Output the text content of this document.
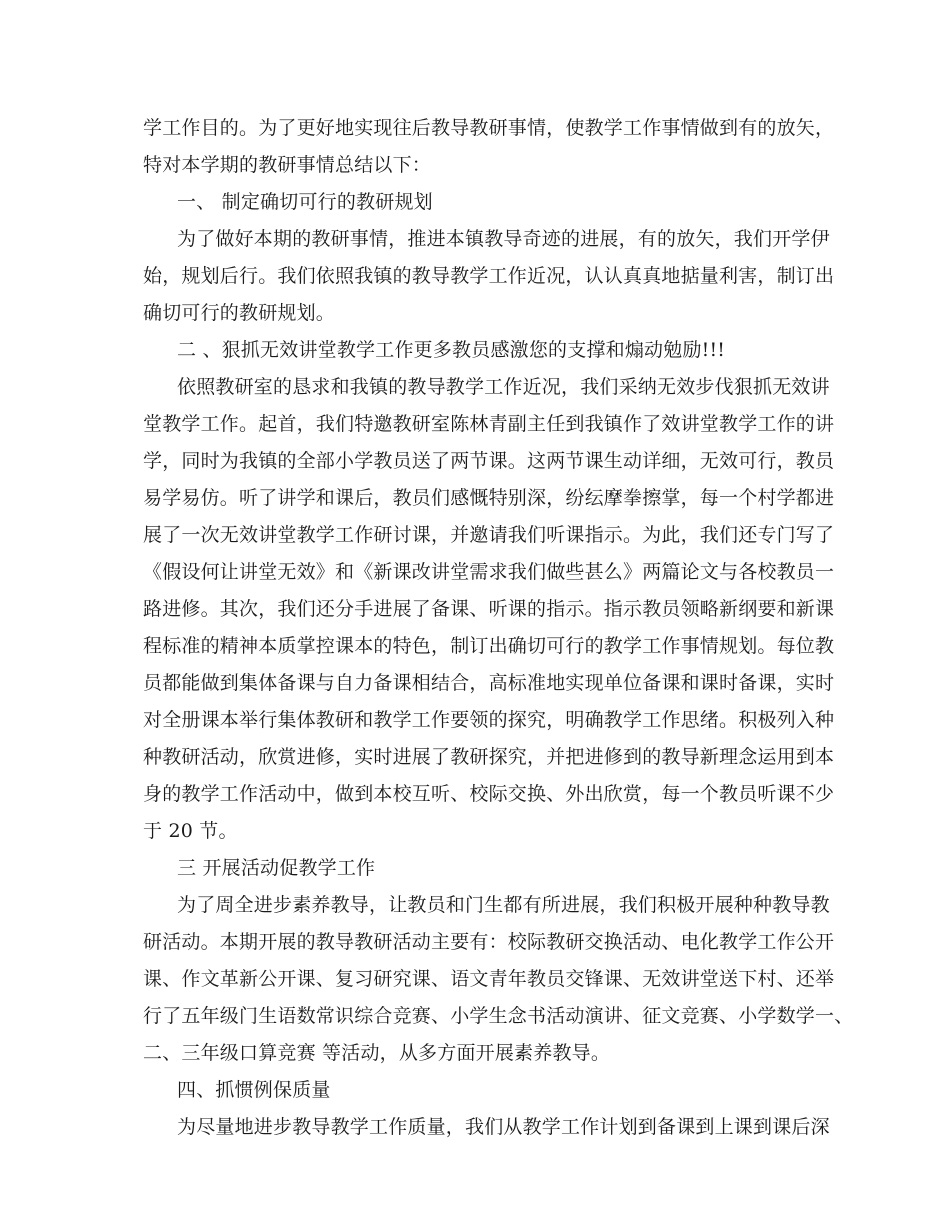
学工作目的。为了更好地实现往后教导教研事情，使教学工作事情做到有的放矢，
特对本学期的教研事情总结以下：
一、 制定确切可行的教研规划
为了做好本期的教研事情，推进本镇教导奇迹的进展，有的放矢，我们开学伊
始，规划后行。我们依照我镇的教导教学工作近况，认认真真地掂量利害，制订出
确切可行的教研规划。
二 、狠抓无效讲堂教学工作更多教员感激您的支撑和煽动勉励!!!
依照教研室的恳求和我镇的教导教学工作近况，我们采纳无效步伐狠抓无效讲
堂教学工作。起首，我们特邀教研室陈林青副主任到我镇作了效讲堂教学工作的讲
学，同时为我镇的全部小学教员送了两节课。这两节课生动详细，无效可行，教员
易学易仿。听了讲学和课后，教员们感慨特别深，纷纭摩拳擦掌，每一个村学都进
展了一次无效讲堂教学工作研讨课，并邀请我们听课指示。为此，我们还专门写了
《假设何让讲堂无效》和《新课改讲堂需求我们做些甚么》两篇论文与各校教员一
路进修。其次，我们还分手进展了备课、听课的指示。指示教员领略新纲要和新课
程标准的精神本质掌控课本的特色，制订出确切可行的教学工作事情规划。每位教
员都能做到集体备课与自力备课相结合，高标准地实现单位备课和课时备课，实时
对全册课本举行集体教研和教学工作要领的探究，明确教学工作思绪。积极列入种
种教研活动，欣赏进修，实时进展了教研探究，并把进修到的教导新理念运用到本
身的教学工作活动中，做到本校互听、校际交换、外出欣赏，每一个教员听课不少
于 20 节。
三 开展活动促教学工作
为了周全进步素养教导，让教员和门生都有所进展，我们积极开展种种教导教
研活动。本期开展的教导教研活动主要有：校际教研交换活动、电化教学工作公开
课、作文革新公开课、复习研究课、语文青年教员交锋课、无效讲堂送下村、还举
行了五年级门生语数常识综合竞赛、小学生念书活动演讲、征文竞赛、小学数学一、
二、三年级口算竞赛 等活动，从多方面开展素养教导。
四、抓惯例保质量
为尽量地进步教导教学工作质量，我们从教学工作计划到备课到上课到课后深
